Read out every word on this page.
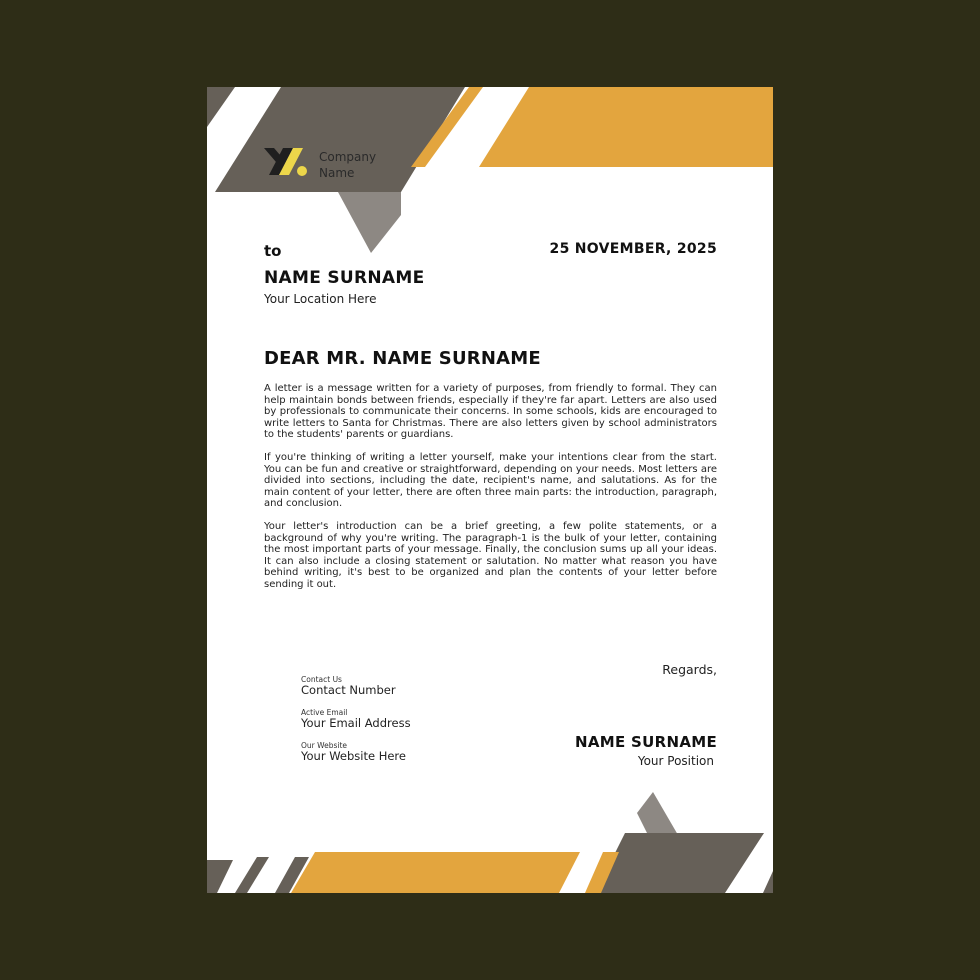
Company
Name
to	25 NOVEMBER, 2025
NAME SURNAME
Your Location Here
DEAR MR. NAME SURNAME

A letter is a message written for a variety of purposes, from friendly to formal. They can help maintain bonds between friends, especially if they're far apart. Letters are also used by professionals to communicate their concerns. In some schools, kids are encouraged to write letters to Santa for Christmas. There are also letters given by school administrators to the students' parents or guardians.

If you're thinking of writing a letter yourself, make your intentions clear from the start. You can be fun and creative or straightforward, depending on your needs. Most letters are divided into sections, including the date, recipient's name, and salutations. As for the main content of your letter, there are often three main parts: the introduction, paragraph, and conclusion.

Your letter's introduction can be a brief greeting, a few polite statements, or a background of why you're writing. The paragraph-1 is the bulk of your letter, containing the most important parts of your message. Finally, the conclusion sums up all your ideas. It can also include a closing statement or salutation. No matter what reason you have behind writing, it's best to be organized and plan the contents of your letter before sending it out.

Regards,
Contact Us
Contact Number
Active Email
Your Email Address
Our Website
Your Website Here
NAME SURNAME
Your Position
